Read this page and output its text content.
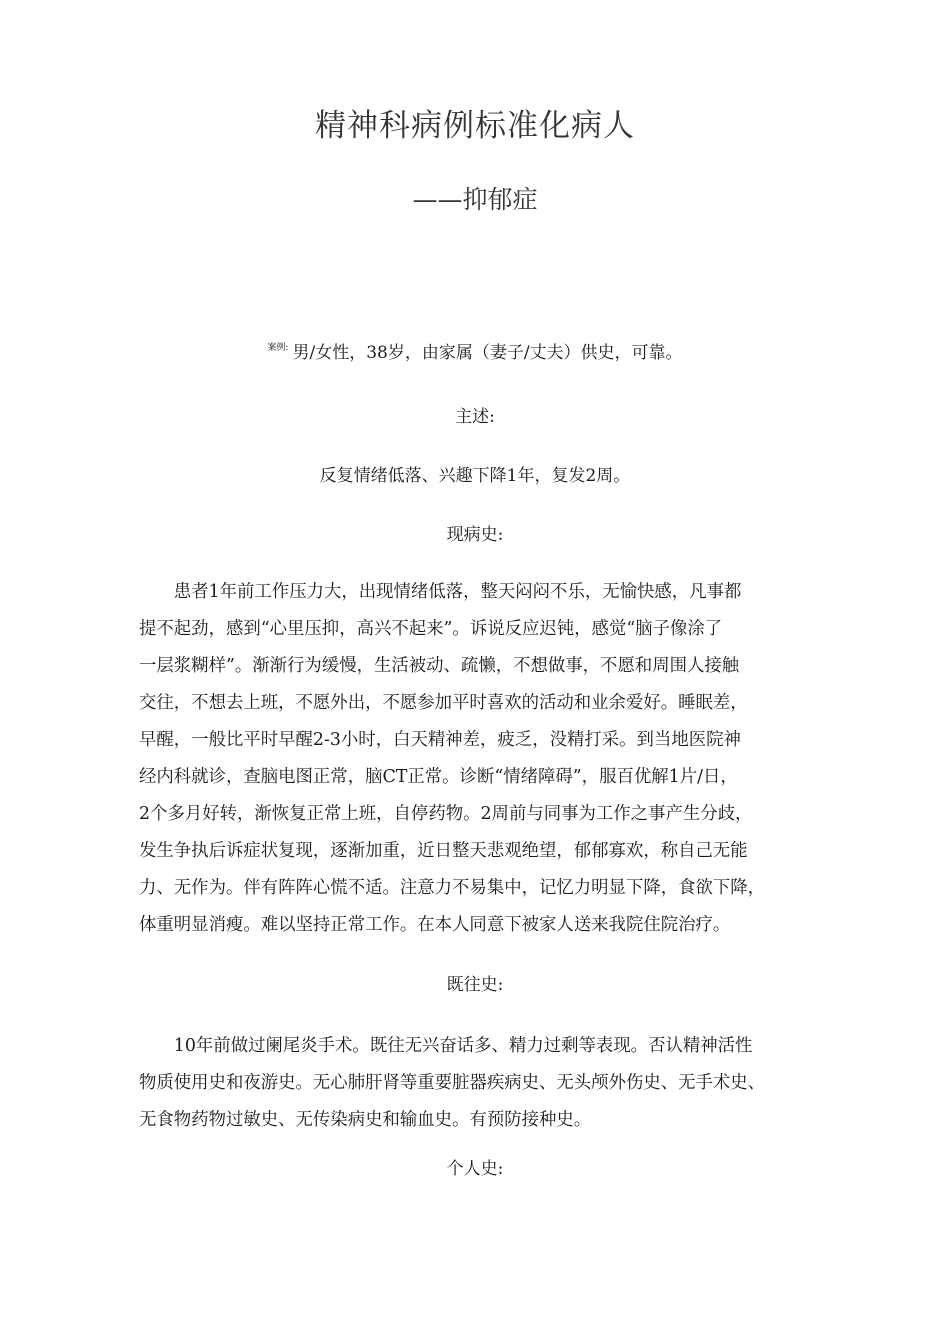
精神科病例标准化病人
——抑郁症
$^{案例:}$ 男/女性，38岁，由家属（妻子/丈夫）供史，可靠。
主述:
反复情绪低落、兴趣下降1年，复发2周。
现病史:
　　患者1年前工作压力大，出现情绪低落，整天闷闷不乐，无愉快感，凡事都
提不起劲，感到“心里压抑，高兴不起来”。诉说反应迟钝，感觉“脑子像涂了
一层浆糊样”。渐渐行为缓慢，生活被动、疏懒，不想做事，不愿和周围人接触
交往，不想去上班，不愿外出，不愿参加平时喜欢的活动和业余爱好。睡眠差，
早醒，一般比平时早醒2-3小时，白天精神差，疲乏，没精打采。到当地医院神
经内科就诊，查脑电图正常，脑CT正常。诊断“情绪障碍”，服百优解1片/日，
2个多月好转，渐恢复正常上班，自停药物。2周前与同事为工作之事产生分歧，
发生争执后诉症状复现，逐渐加重，近日整天悲观绝望，郁郁寡欢，称自己无能
力、无作为。伴有阵阵心慌不适。注意力不易集中，记忆力明显下降，食欲下降，
体重明显消瘦。难以坚持正常工作。在本人同意下被家人送来我院住院治疗。
既往史:
　　10年前做过阑尾炎手术。既往无兴奋话多、精力过剩等表现。否认精神活性
物质使用史和夜游史。无心肺肝肾等重要脏器疾病史、无头颅外伤史、无手术史、
无食物药物过敏史、无传染病史和输血史。有预防接种史。
个人史:
